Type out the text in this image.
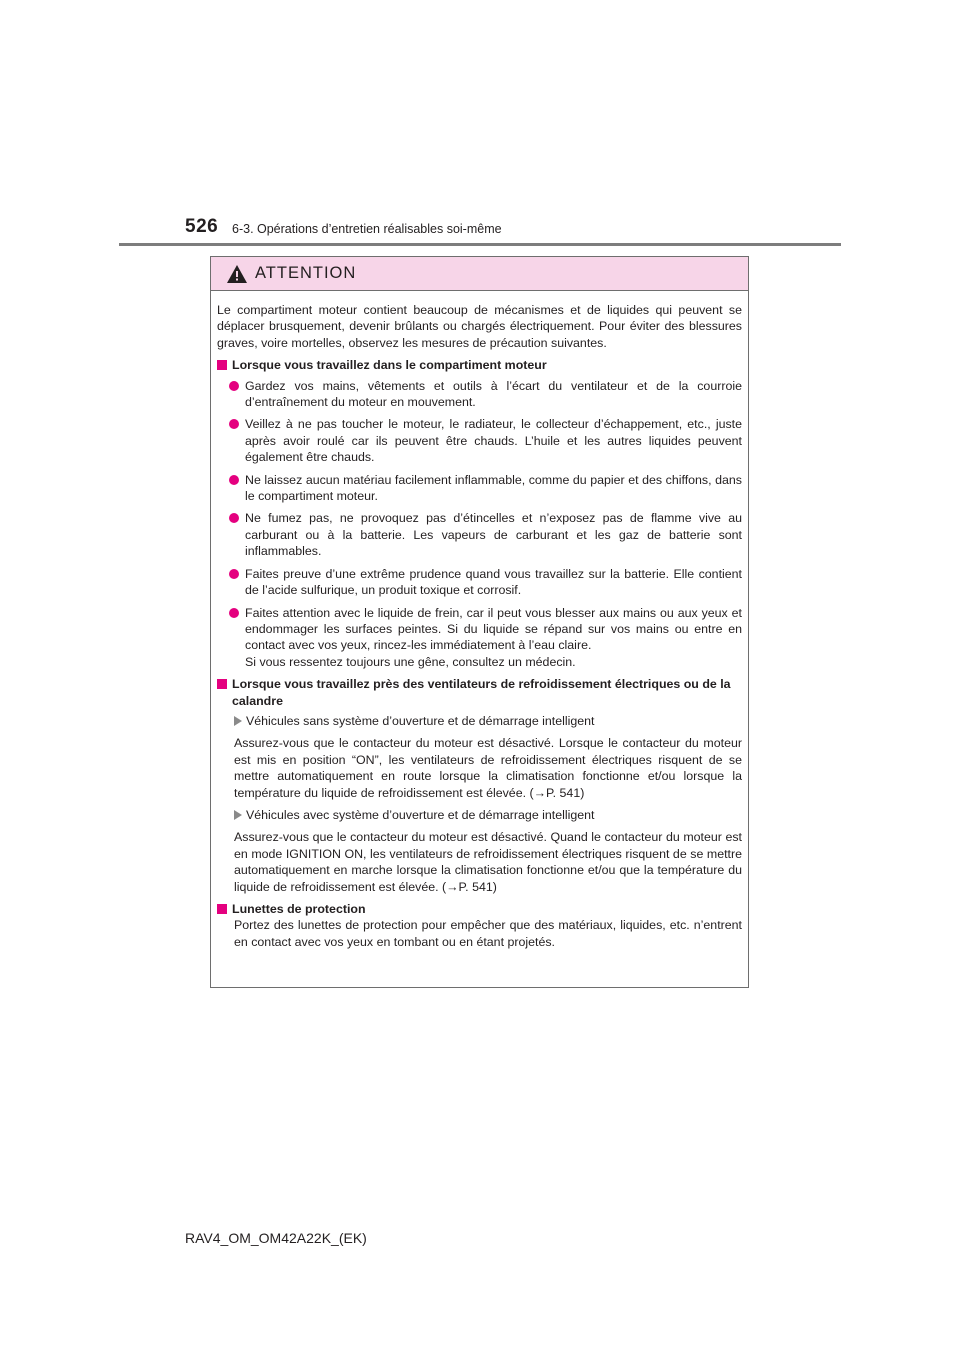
526 6-3. Opérations d’entretien réalisables soi-même
ATTENTION

Le compartiment moteur contient beaucoup de mécanismes et de liquides qui peuvent se déplacer brusquement, devenir brûlants ou chargés électriquement. Pour éviter des blessures graves, voire mortelles, observez les mesures de précaution suivantes.

Lorsque vous travaillez dans le compartiment moteur
Gardez vos mains, vêtements et outils à l’écart du ventilateur et de la courroie d’entraînement du moteur en mouvement.
Veillez à ne pas toucher le moteur, le radiateur, le collecteur d’échappement, etc., juste après avoir roulé car ils peuvent être chauds. L’huile et les autres liquides peuvent également être chauds.
Ne laissez aucun matériau facilement inflammable, comme du papier et des chiffons, dans le compartiment moteur.
Ne fumez pas, ne provoquez pas d’étincelles et n’exposez pas de flamme vive au carburant ou à la batterie. Les vapeurs de carburant et les gaz de batterie sont inflammables.
Faites preuve d’une extrême prudence quand vous travaillez sur la batterie. Elle contient de l’acide sulfurique, un produit toxique et corrosif.
Faites attention avec le liquide de frein, car il peut vous blesser aux mains ou aux yeux et endommager les surfaces peintes. Si du liquide se répand sur vos mains ou entre en contact avec vos yeux, rincez-les immédiatement à l’eau claire.
Si vous ressentez toujours une gêne, consultez un médecin.
Lorsque vous travaillez près des ventilateurs de refroidissement électriques ou de la calandre
Véhicules sans système d’ouverture et de démarrage intelligent

Assurez-vous que le contacteur du moteur est désactivé. Lorsque le contacteur du moteur est mis en position “ON”, les ventilateurs de refroidissement électriques risquent de se mettre automatiquement en route lorsque la climatisation fonctionne et/ou lorsque la température du liquide de refroidissement est élevée. (→P. 541)

Véhicules avec système d’ouverture et de démarrage intelligent

Assurez-vous que le contacteur du moteur est désactivé. Quand le contacteur du moteur est en mode IGNITION ON, les ventilateurs de refroidissement électriques risquent de se mettre automatiquement en marche lorsque la climatisation fonctionne et/ou que la température du liquide de refroidissement est élevée. (→P. 541)

Lunettes de protection

Portez des lunettes de protection pour empêcher que des matériaux, liquides, etc. n’entrent en contact avec vos yeux en tombant ou en étant projetés.

RAV4_OM_OM42A22K_(EK)
